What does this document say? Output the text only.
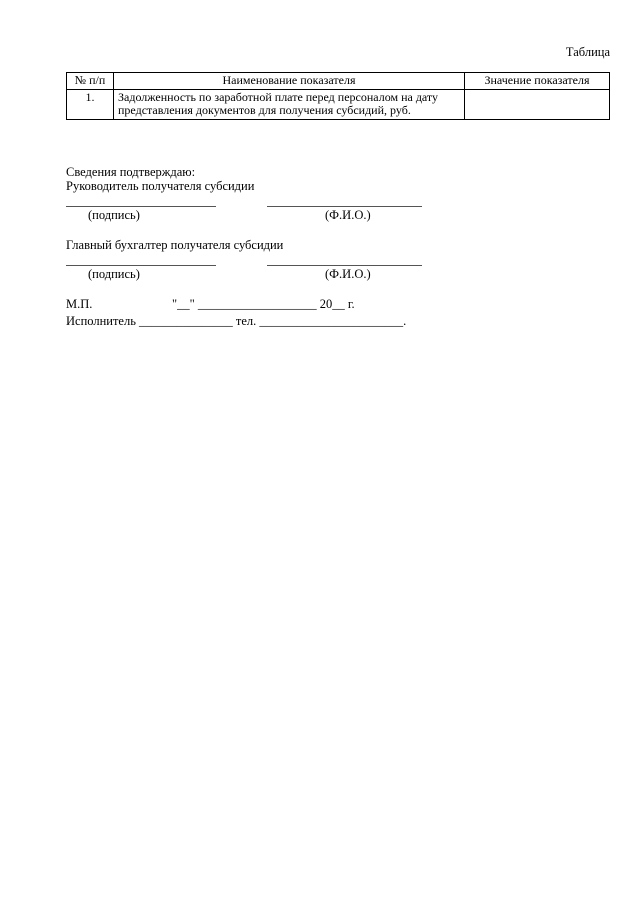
Таблица
№ п/п	Наименование показателя	Значение показателя
1.	Задолженность по заработной плате перед персоналом на дату представления документов для получения субсидий, руб.	
Сведения подтверждаю:
Руководитель получателя субсидии
(подпись)	(Ф.И.О.)
Главный бухгалтер получателя субсидии
(подпись)	(Ф.И.О.)
М.П.	"__" ___________________ 20__ г.
Исполнитель _______________ тел. _______________________.
